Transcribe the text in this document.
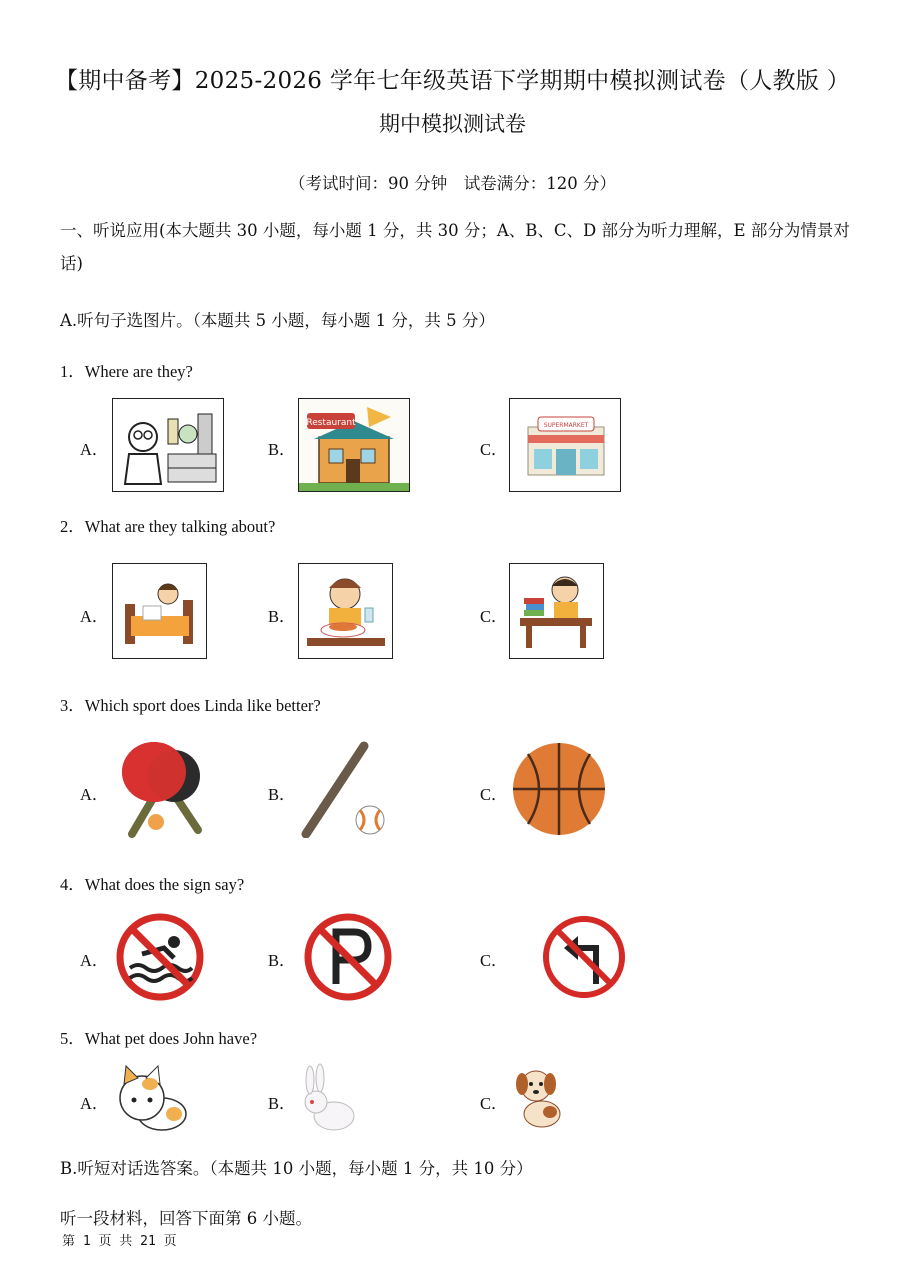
【期中备考】2025-2026 学年七年级英语下学期期中模拟测试卷（人教版 ）
期中模拟测试卷
（考试时间：90 分钟　试卷满分：120 分）
一、听说应用(本大题共 30 小题，每小题 1 分，共 30 分；A、B、C、D 部分为听力理解，E 部分为情景对话)
A.听句子选图片。（本题共 5 小题，每小题 1 分，共 5 分）
1．Where are they?
A．	B．
Restaurant
C．
SUPERMARKET
2．What are they talking about?
A．	B．	C．
3．Which sport does Linda like better?
A．	B．	C．
4．What does the sign say?
A．	B．	C．
5．What pet does John have?
A．	B．	C．
B.听短对话选答案。（本题共 10 小题，每小题 1 分，共 10 分）
听一段材料，回答下面第 6 小题。
第 1 页 共 21 页
